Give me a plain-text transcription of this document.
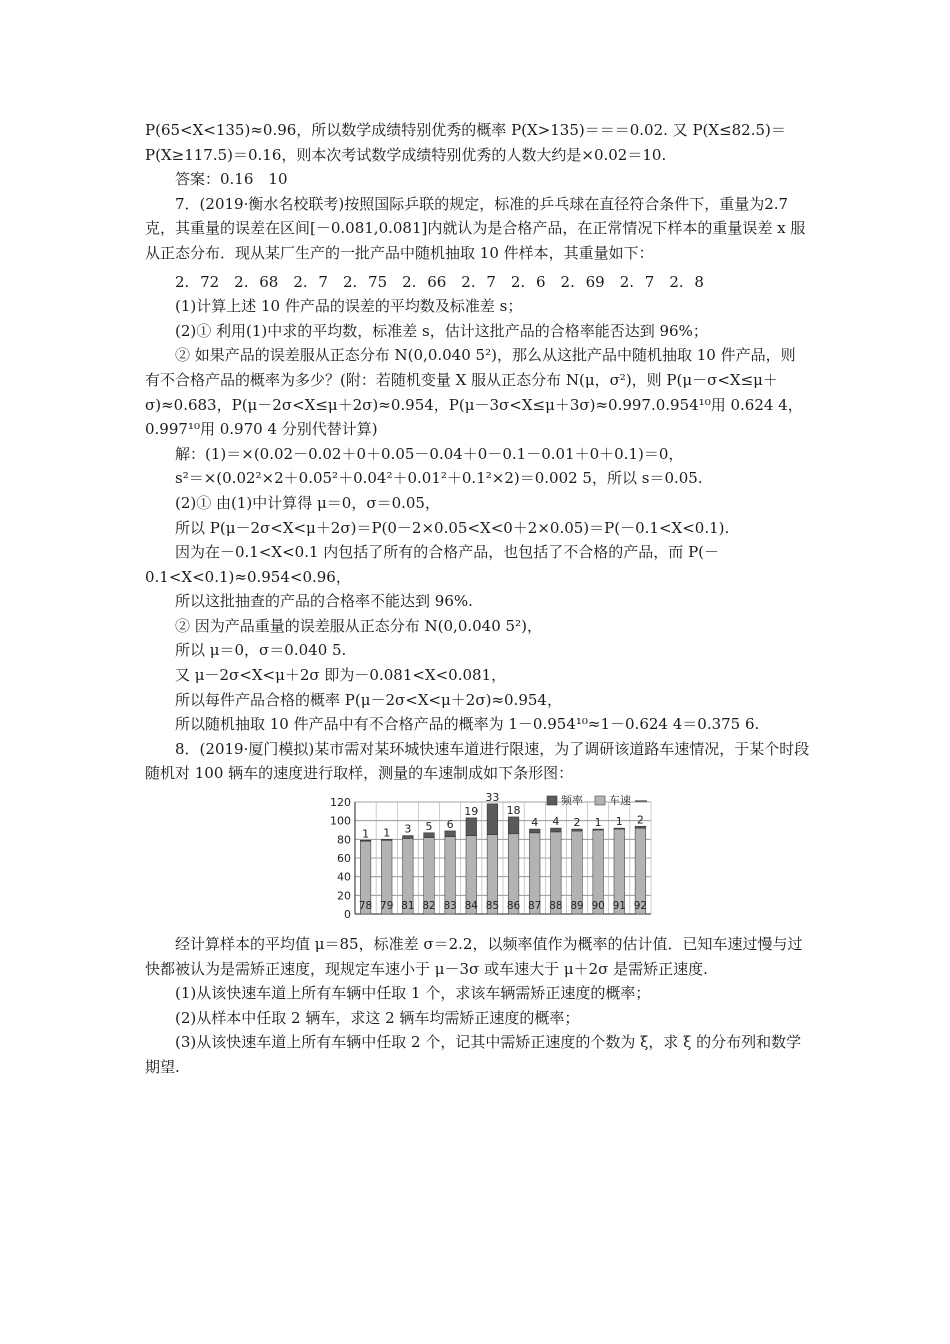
P(65<X<135)≈0.96，所以数学成绩特别优秀的概率 P(X>135)＝＝＝0.02. 又 P(X≤82.5)＝

P(X≥117.5)＝0.16，则本次考试数学成绩特别优秀的人数大约是×0.02＝10.

答案：0.16　10

7．(2019·衡水名校联考)按照国际乒联的规定，标准的乒乓球在直径符合条件下，重量为2.7克，其重量的误差在区间[－0.081,0.081]内就认为是合格产品，在正常情况下样本的重量误差 x 服从正态分布．现从某厂生产的一批产品中随机抽取 10 件样本，其重量如下：

2. 72　2. 68　2. 7　2. 75　2. 66　2. 7　2. 6　2. 69　2. 7　2. 8

(1)计算上述 10 件产品的误差的平均数及标准差 s；

(2)① 利用(1)中求的平均数，标准差 s，估计这批产品的合格率能否达到 96%；

② 如果产品的误差服从正态分布 N(0,0.040 5²)，那么从这批产品中随机抽取 10 件产品，则有不合格产品的概率为多少？(附：若随机变量 X 服从正态分布 N(μ，σ²)，则 P(μ－σ<X≤μ＋σ)≈0.683，P(μ－2σ<X≤μ＋2σ)≈0.954，P(μ－3σ<X≤μ＋3σ)≈0.997.0.954¹⁰用 0.624 4，0.997¹⁰用 0.970 4 分别代替计算)

解：(1)＝×(0.02－0.02＋0＋0.05－0.04＋0－0.1－0.01＋0＋0.1)＝0，

s²＝×(0.02²×2＋0.05²＋0.04²＋0.01²＋0.1²×2)＝0.002 5，所以 s＝0.05.

(2)① 由(1)中计算得 μ＝0，σ＝0.05，

所以 P(μ－2σ<X<μ＋2σ)＝P(0－2×0.05<X<0＋2×0.05)＝P(－0.1<X<0.1).

因为在－0.1<X<0.1 内包括了所有的合格产品，也包括了不合格的产品，而 P(－0.1<X<0.1)≈0.954<0.96，

所以这批抽查的产品的合格率不能达到 96%.

② 因为产品重量的误差服从正态分布 N(0,0.040 5²)，

所以 μ＝0，σ＝0.040 5.

又 μ－2σ<X<μ＋2σ 即为－0.081<X<0.081，

所以每件产品合格的概率 P(μ－2σ<X<μ＋2σ)≈0.954，

所以随机抽取 10 件产品中有不合格产品的概率为 1－0.954¹⁰≈1－0.624 4＝0.375 6.

8．(2019·厦门模拟)某市需对某环城快速车道进行限速，为了调研该道路车速情况，于某个时段随机对 100 辆车的速度进行取样，测量的车速制成如下条形图：

0
20
40
60
80
100
120
1
78
1
79
3
81
5
82
6
83
19
84
33
85
18
86
4
87
4
88
2
89
1
90
1
91
2
92
频率 车速

经计算样本的平均值 μ＝85，标准差 σ＝2.2，以频率值作为概率的估计值．已知车速过慢与过快都被认为是需矫正速度，现规定车速小于 μ－3σ 或车速大于 μ＋2σ 是需矫正速度.

(1)从该快速车道上所有车辆中任取 1 个，求该车辆需矫正速度的概率；

(2)从样本中任取 2 辆车，求这 2 辆车均需矫正速度的概率；

(3)从该快速车道上所有车辆中任取 2 个，记其中需矫正速度的个数为 ξ，求 ξ 的分布列和数学期望.
